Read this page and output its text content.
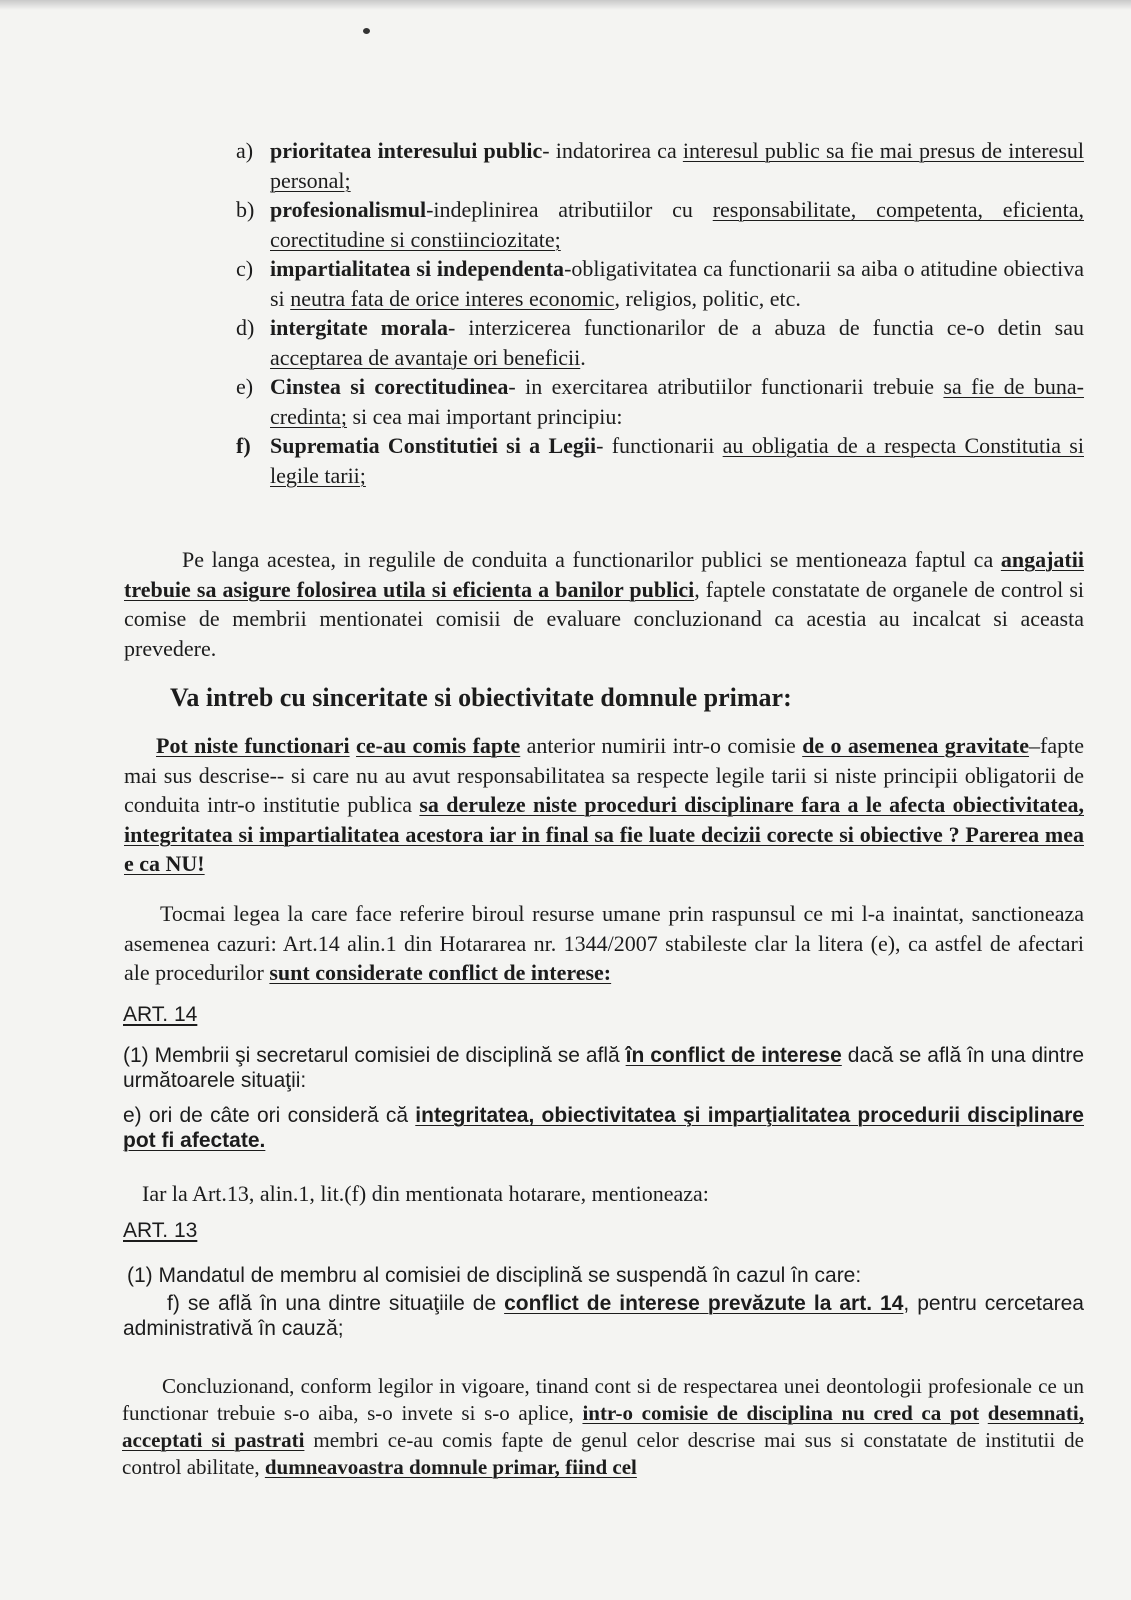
a) prioritatea interesului public- indatorirea ca interesul public sa fie mai presus de interesul personal;
b) profesionalismul-indeplinirea atributiilor cu responsabilitate, competenta, eficienta, corectitudine si constiinciozitate;
c) impartialitatea si independenta-obligativitatea ca functionarii sa aiba o atitudine obiectiva si neutra fata de orice interes economic, religios, politic, etc.
d) intergitate morala- interzicerea functionarilor de a abuza de functia ce-o detin sau acceptarea de avantaje ori beneficii.
e) Cinstea si corectitudinea- in exercitarea atributiilor functionarii trebuie sa fie de buna-credinta; si cea mai important principiu:
f) Suprematia Constitutiei si a Legii- functionarii au obligatia de a respecta Constitutia si legile tarii;

Pe langa acestea, in regulile de conduita a functionarilor publici se mentioneaza faptul ca angajatii trebuie sa asigure folosirea utila si eficienta a banilor publici, faptele constatate de organele de control si comise de membrii mentionatei comisii de evaluare concluzionand ca acestia au incalcat si aceasta prevedere.

Va intreb cu sinceritate si obiectivitate domnule primar:

Pot niste functionari ce-au comis fapte anterior numirii intr-o comisie de o asemenea gravitate–fapte mai sus descrise-- si care nu au avut responsabilitatea sa respecte legile tarii si niste principii obligatorii de conduita intr-o institutie publica sa deruleze niste proceduri disciplinare fara a le afecta obiectivitatea, integritatea si impartialitatea acestora iar in final sa fie luate decizii corecte si obiective ? Parerea mea e ca NU!

Tocmai legea la care face referire biroul resurse umane prin raspunsul ce mi l-a inaintat, sanctioneaza asemenea cazuri: Art.14 alin.1 din Hotararea nr. 1344/2007 stabileste clar la litera (e), ca astfel de afectari ale procedurilor sunt considerate conflict de interese:

ART. 14

(1) Membrii şi secretarul comisiei de disciplină se află în conflict de interese dacă se află în una dintre următoarele situaţii:

e) ori de câte ori consideră că integritatea, obiectivitatea şi imparţialitatea procedurii disciplinare pot fi afectate.

Iar la Art.13, alin.1, lit.(f) din mentionata hotarare, mentioneaza:

ART. 13

(1) Mandatul de membru al comisiei de disciplină se suspendă în cazul în care:

f) se află în una dintre situaţiile de conflict de interese prevăzute la art. 14, pentru cercetarea administrativă în cauză;

Concluzionand, conform legilor in vigoare, tinand cont si de respectarea unei deontologii profesionale ce un functionar trebuie s-o aiba, s-o invete si s-o aplice, intr-o comisie de disciplina nu cred ca pot desemnati, acceptati si pastrati membri ce-au comis fapte de genul celor descrise mai sus si constatate de institutii de control abilitate, dumneavoastra domnule primar, fiind cel
